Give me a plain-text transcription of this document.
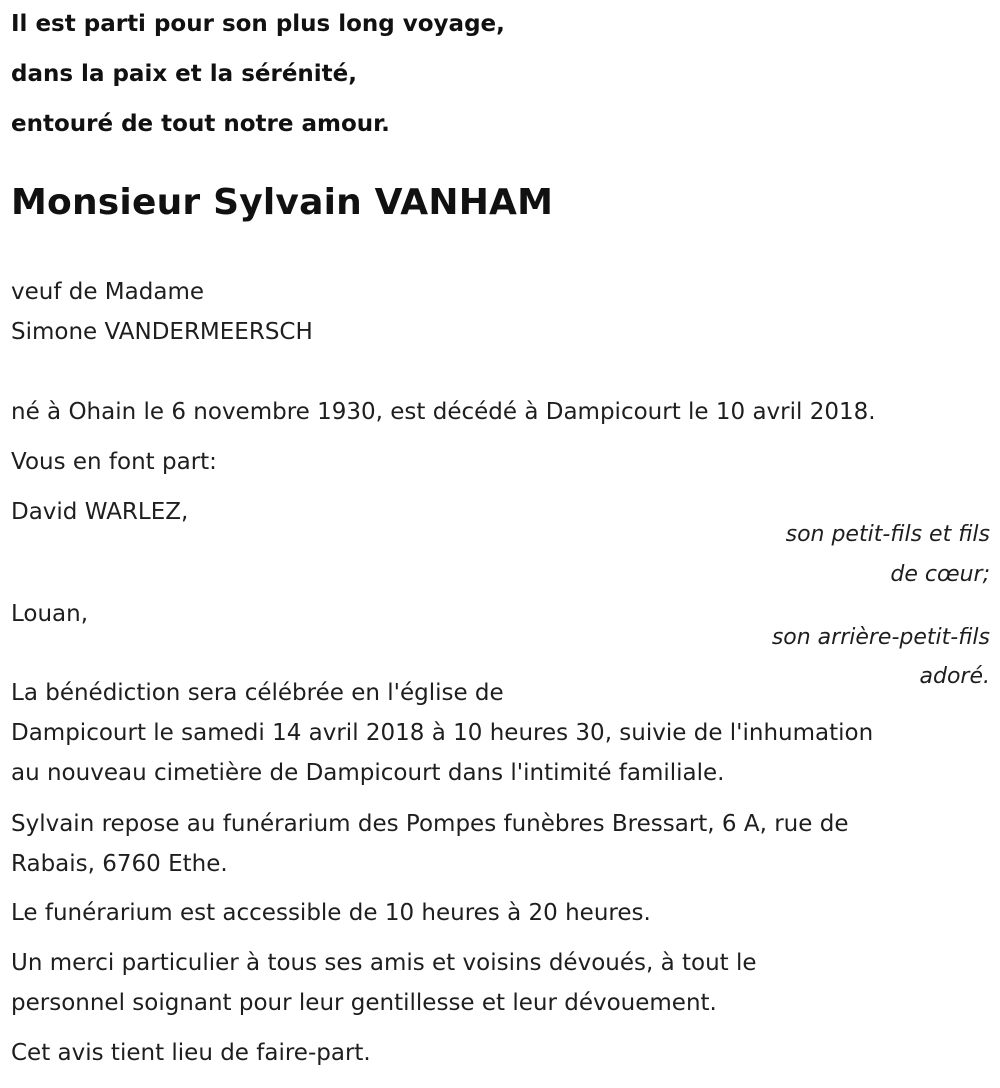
Il est parti pour son plus long voyage,
dans la paix et la sérénité,
entouré de tout notre amour.
Monsieur Sylvain VANHAM
veuf de Madame
Simone VANDERMEERSCH
né à Ohain le 6 novembre 1930, est décédé à Dampicourt le 10 avril 2018.
Vous en font part:
David WARLEZ,
son petit-fils et fils
de cœur;
Louan,
son arrière-petit-fils
adoré.
La bénédiction sera célébrée en l'église de
Dampicourt le samedi 14 avril 2018 à 10 heures 30, suivie de l'inhumation
au nouveau cimetière de Dampicourt dans l'intimité familiale.
Sylvain repose au funérarium des Pompes funèbres Bressart, 6 A, rue de
Rabais, 6760 Ethe.
Le funérarium est accessible de 10 heures à 20 heures.
Un merci particulier à tous ses amis et voisins dévoués, à tout le
personnel soignant pour leur gentillesse et leur dévouement.
Cet avis tient lieu de faire-part.
